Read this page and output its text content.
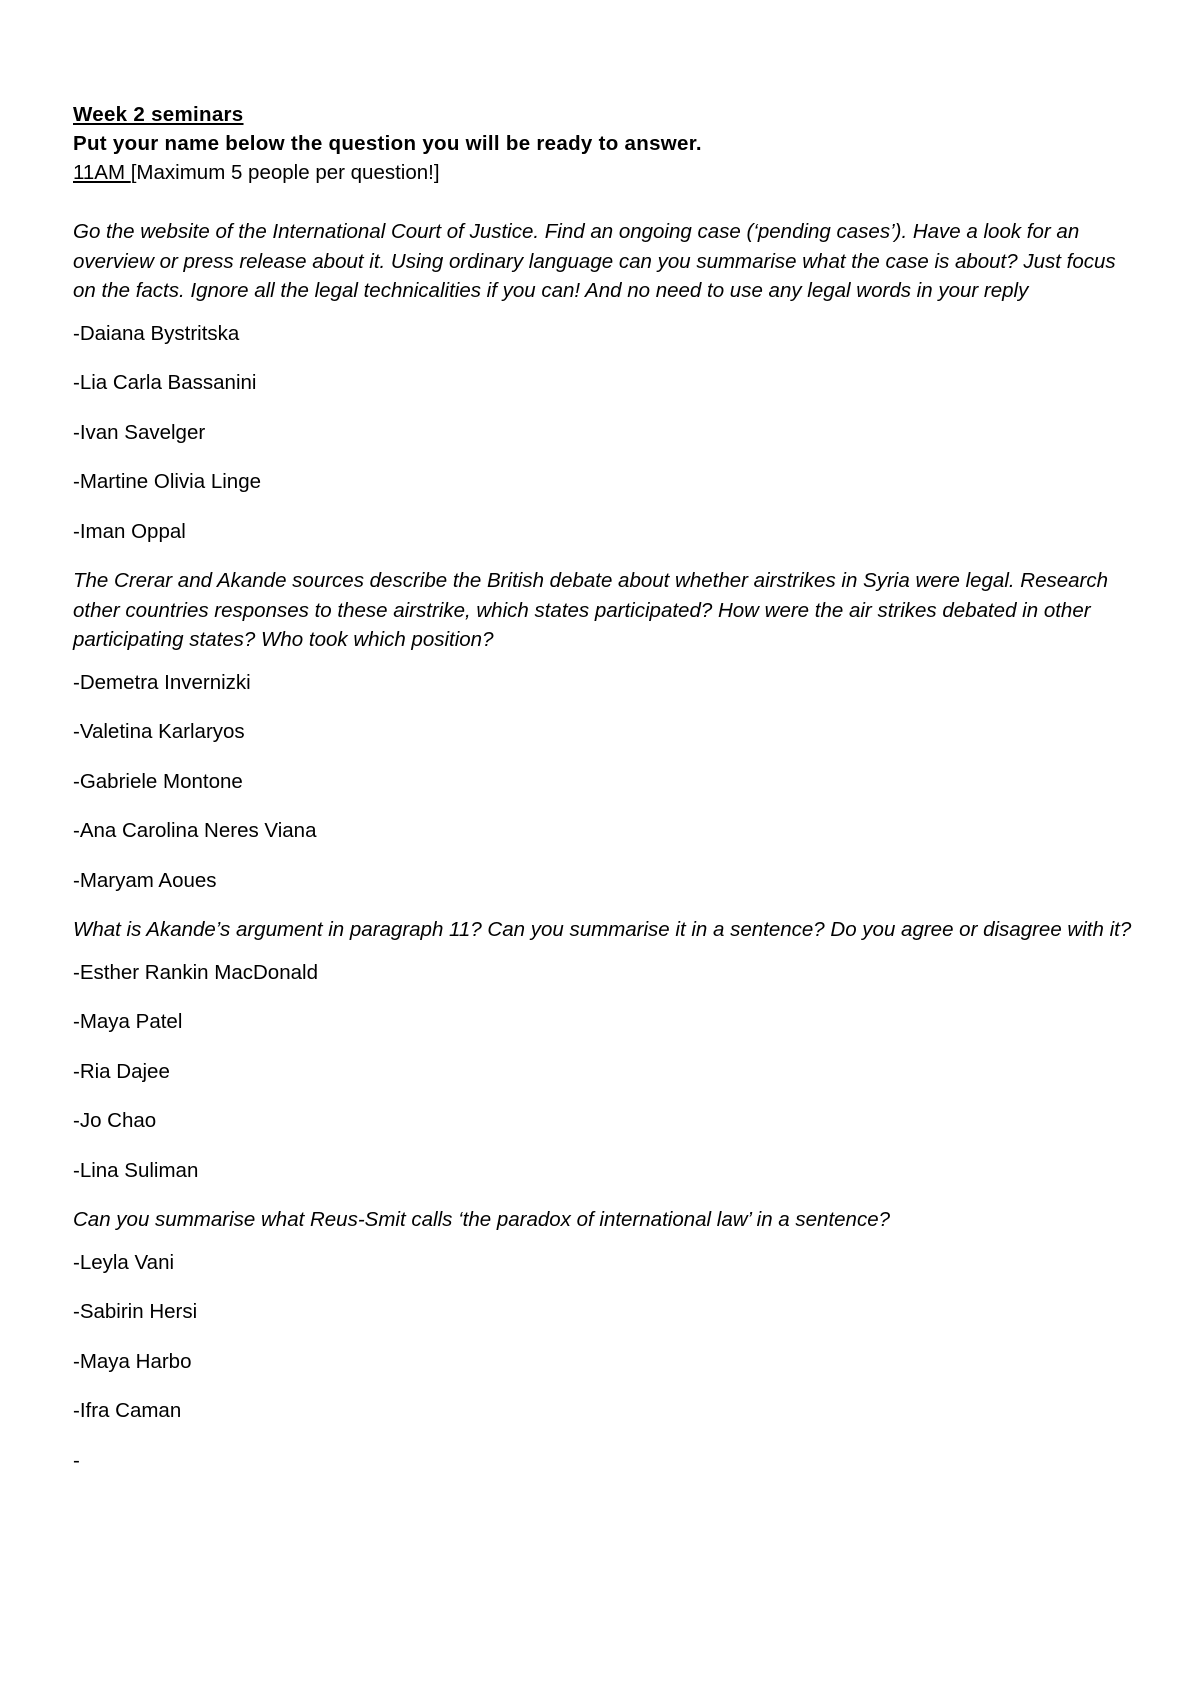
Week 2 seminars
Put your name below the question you will be ready to answer.
11AM [Maximum 5 people per question!]
Go the website of the International Court of Justice. Find an ongoing case (‘pending cases’). Have a look for an overview or press release about it. Using ordinary language can you summarise what the case is about? Just focus on the facts. Ignore all the legal technicalities if you can! And no need to use any legal words in your reply
-Daiana Bystritska
-Lia Carla Bassanini
-Ivan Savelger
-Martine Olivia Linge
-Iman Oppal
The Crerar and Akande sources describe the British debate about whether airstrikes in Syria were legal. Research other countries responses to these airstrike, which states participated? How were the air strikes debated in other participating states? Who took which position?
-Demetra Invernizki
-Valetina Karlaryos
-Gabriele Montone
-Ana Carolina Neres Viana
-Maryam Aoues
What is Akande’s argument in paragraph 11? Can you summarise it in a sentence? Do you agree or disagree with it?
-Esther Rankin MacDonald
-Maya Patel
-Ria Dajee
-Jo Chao
-Lina Suliman
Can you summarise what Reus-Smit calls ‘the paradox of international law’ in a sentence?
-Leyla Vani
-Sabirin Hersi
-Maya Harbo
-Ifra Caman
-
